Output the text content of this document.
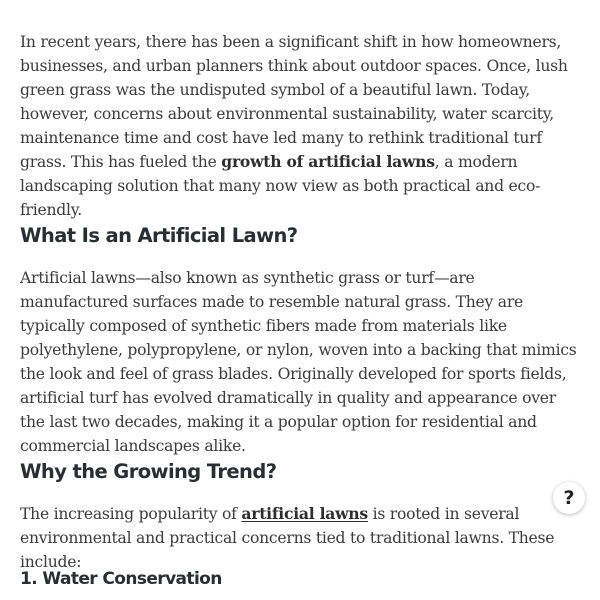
In recent years, there has been a significant shift in how homeowners, businesses, and urban planners think about outdoor spaces. Once, lush green grass was the undisputed symbol of a beautiful lawn. Today, however, concerns about environmental sustainability, water scarcity, maintenance time and cost have led many to rethink traditional turf grass. This has fueled the growth of artificial lawns, a modern landscaping solution that many now view as both practical and eco-friendly.

What Is an Artificial Lawn?

Artificial lawns—also known as synthetic grass or turf—are manufactured surfaces made to resemble natural grass. They are typically composed of synthetic fibers made from materials like polyethylene, polypropylene, or nylon, woven into a backing that mimics the look and feel of grass blades. Originally developed for sports fields, artificial turf has evolved dramatically in quality and appearance over the last two decades, making it a popular option for residential and commercial landscapes alike.

Why the Growing Trend?

The increasing popularity of artificial lawns is rooted in several environmental and practical concerns tied to traditional lawns. These include:

1. Water Conservation
?
